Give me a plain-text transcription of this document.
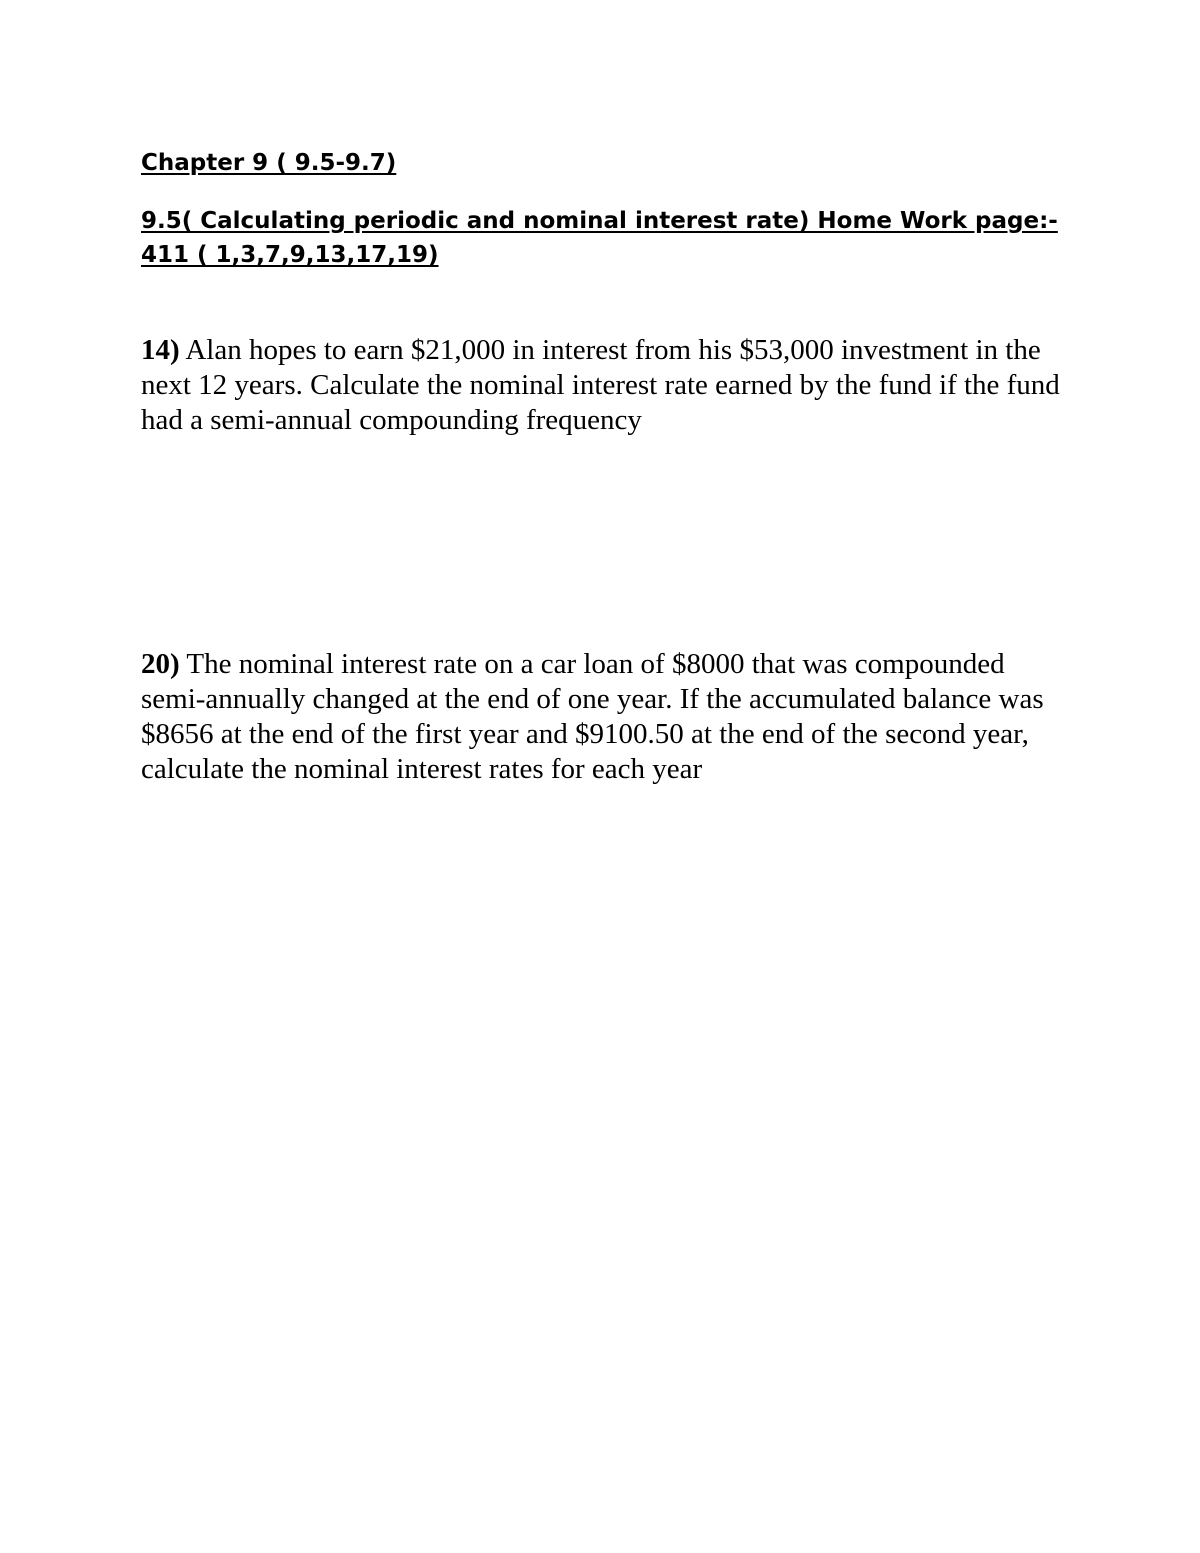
Chapter 9 ( 9.5-9.7)
9.5( Calculating periodic and nominal interest rate) Home Work page:-
411 ( 1,3,7,9,13,17,19)

14) Alan hopes to earn $21,000 in interest from his $53,000 investment in the next 12 years. Calculate the nominal interest rate earned by the fund if the fund had a semi-annual compounding frequency

20) The nominal interest rate on a car loan of $8000 that was compounded semi-annually changed at the end of one year. If the accumulated balance was $8656 at the end of the first year and $9100.50 at the end of the second year, calculate the nominal interest rates for each year
